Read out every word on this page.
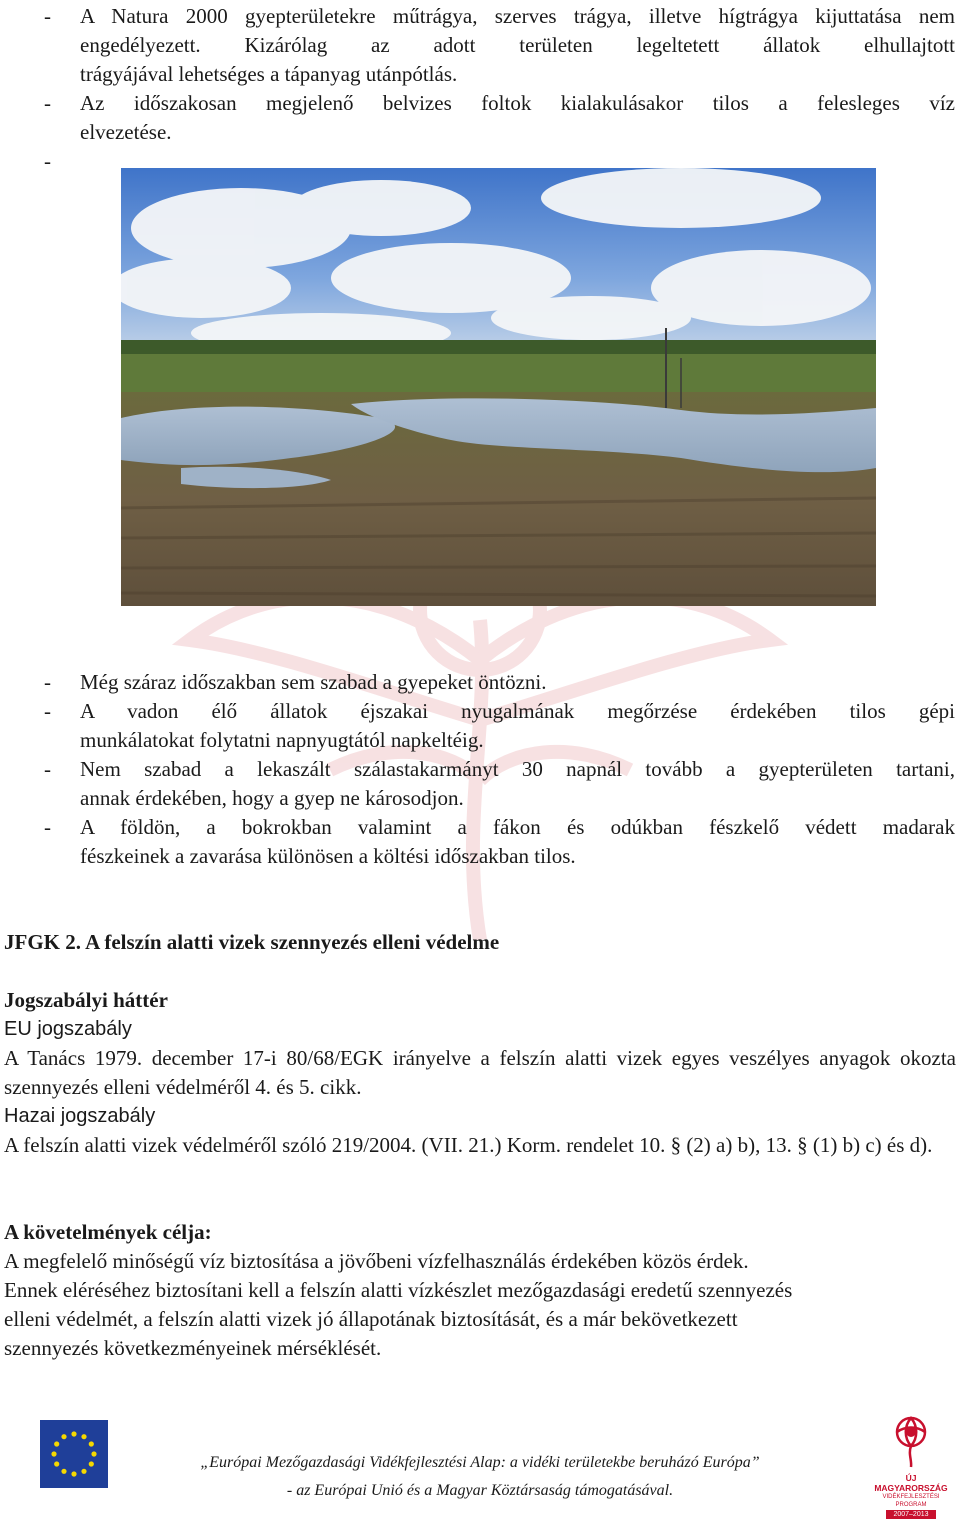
- A Natura 2000 gyepterületekre műtrágya, szerves trágya, illetve hígtrágya kijuttatása nem engedélyezett. Kizárólag az adott területen legeltetett állatok elhullajtott
trágyájával lehetséges a tápanyag utánpótlás.
- Az időszakosan megjelenő belvizes foltok kialakulásakor tilos a felesleges víz
elvezetése.
-
- Még száraz időszakban sem szabad a gyepeket öntözni.
- A vadon élő állatok éjszakai nyugalmának megőrzése érdekében tilos gépi
munkálatokat folytatni napnyugtától napkeltéig.
- Nem szabad a lekaszált szálastakarmányt 30 napnál tovább a gyepterületen tartani,
annak érdekében, hogy a gyep ne károsodjon.
- A földön, a bokrokban valamint a fákon és odúkban fészkelő védett madarak
fészkeinek a zavarása különösen a költési időszakban tilos.
JFGK 2. A felszín alatti vizek szennyezés elleni védelme
Jogszabályi háttér
EU jogszabály
A Tanács 1979. december 17-i 80/68/EGK irányelve a felszín alatti vizek egyes veszélyes anyagok okozta szennyezés elleni védelméről 4. és 5. cikk.
Hazai jogszabály
A felszín alatti vizek védelméről szóló 219/2004. (VII. 21.) Korm. rendelet 10. § (2) a) b), 13. § (1) b) c) és d).
A követelmények célja:
A megfelelő minőségű víz biztosítása a jövőbeni vízfelhasználás érdekében közös érdek.
Ennek eléréséhez biztosítani kell a felszín alatti vízkészlet mezőgazdasági eredetű szennyezés
elleni védelmét, a felszín alatti vizek jó állapotának biztosítását, és a már bekövetkezett
szennyezés következményeinek mérséklését.
„Európai Mezőgazdasági Vidékfejlesztési Alap: a vidéki területekbe beruházó Európa”
- az Európai Unió és a Magyar Köztársaság támogatásával.
ÚJ MAGYARORSZÁG
VIDÉKFEJLESZTÉSI PROGRAM
2007–2013
